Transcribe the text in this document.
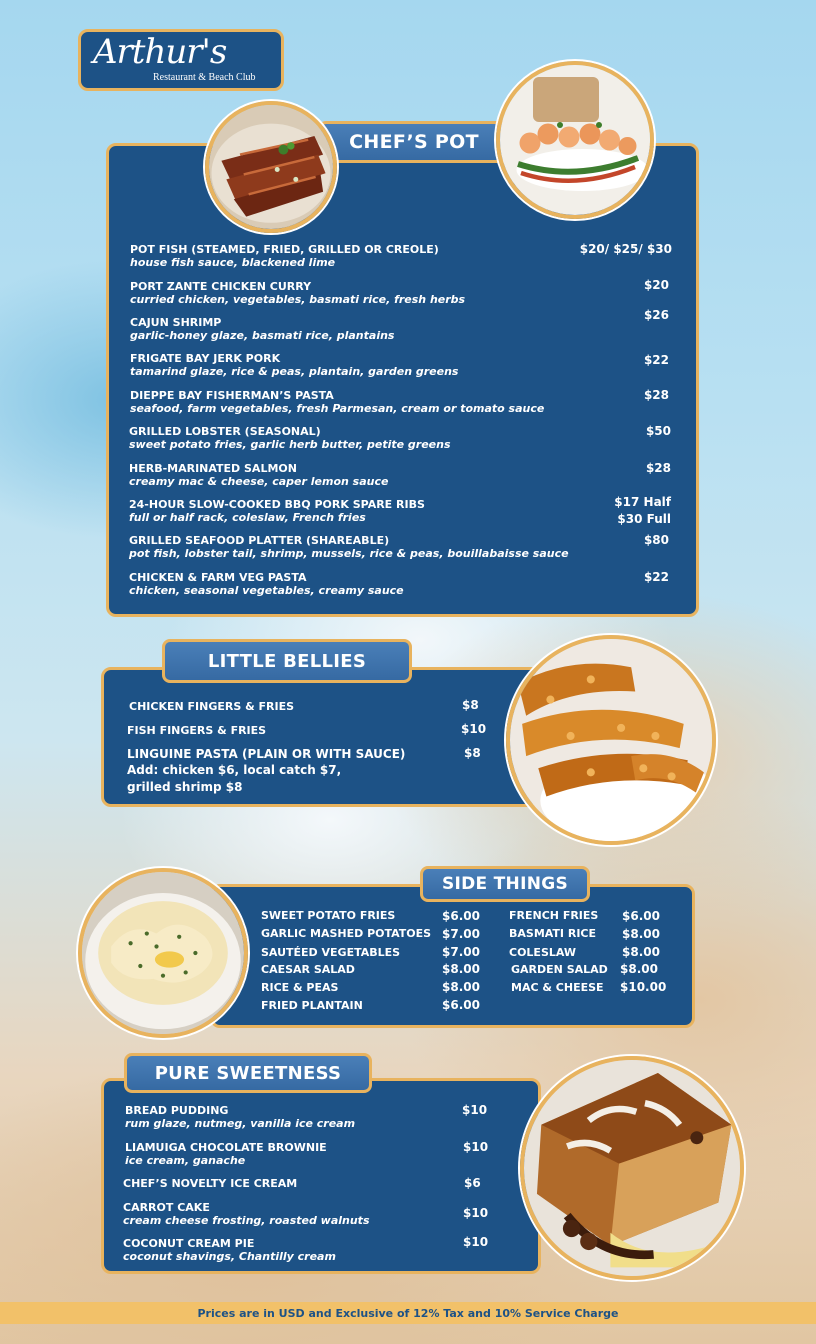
Arthur's
Restaurant & Beach Club
CHEF’S POT
POT FISH (STEAMED, FRIED, GRILLED OR CREOLE)
house fish sauce, blackened lime
$20/ $25/ $30
PORT ZANTE CHICKEN CURRY
curried chicken, vegetables, basmati rice, fresh herbs
$20
CAJUN SHRIMP
garlic-honey glaze, basmati rice, plantains
$26
FRIGATE BAY JERK PORK
tamarind glaze, rice & peas, plantain, garden greens
$22
DIEPPE BAY FISHERMAN’S PASTA
seafood, farm vegetables, fresh Parmesan, cream or tomato sauce
$28
GRILLED LOBSTER (SEASONAL)
sweet potato fries, garlic herb butter, petite greens
$50
HERB-MARINATED SALMON
creamy mac & cheese, caper lemon sauce
$28
24-HOUR SLOW-COOKED BBQ PORK SPARE RIBS
full or half rack, coleslaw, French fries
$17 Half
$30 Full
GRILLED SEAFOOD PLATTER (SHAREABLE)
pot fish, lobster tail, shrimp, mussels, rice & peas, bouillabaisse sauce
$80
CHICKEN & FARM VEG PASTA
chicken, seasonal vegetables, creamy sauce
$22
LITTLE BELLIES
CHICKEN FINGERS & FRIES	$8
FISH FINGERS & FRIES	$10
LINGUINE PASTA (PLAIN OR WITH SAUCE)
Add: chicken $6, local catch $7,
grilled shrimp $8
$8
SIDE THINGS
SWEET POTATO FRIES	$6.00
GARLIC MASHED POTATOES $7.00
SAUTÉED VEGETABLES	$7.00
CAESAR SALAD	$8.00
RICE & PEAS	$8.00
FRIED PLANTAIN	$6.00
FRENCH FRIES $6.00
BASMATI RICE $8.00
COLESLAW	$8.00
GARDEN SALAD $8.00
MAC & CHEESE $10.00
PURE SWEETNESS
BREAD PUDDING
rum glaze, nutmeg, vanilla ice cream
$10
LIAMUIGA CHOCOLATE BROWNIE
ice cream, ganache
$10
CHEF’S NOVELTY ICE CREAM	$6
CARROT CAKE
cream cheese frosting, roasted walnuts
$10
COCONUT CREAM PIE
coconut shavings, Chantilly cream
$10
Prices are in USD and Exclusive of 12% Tax and 10% Service Charge
